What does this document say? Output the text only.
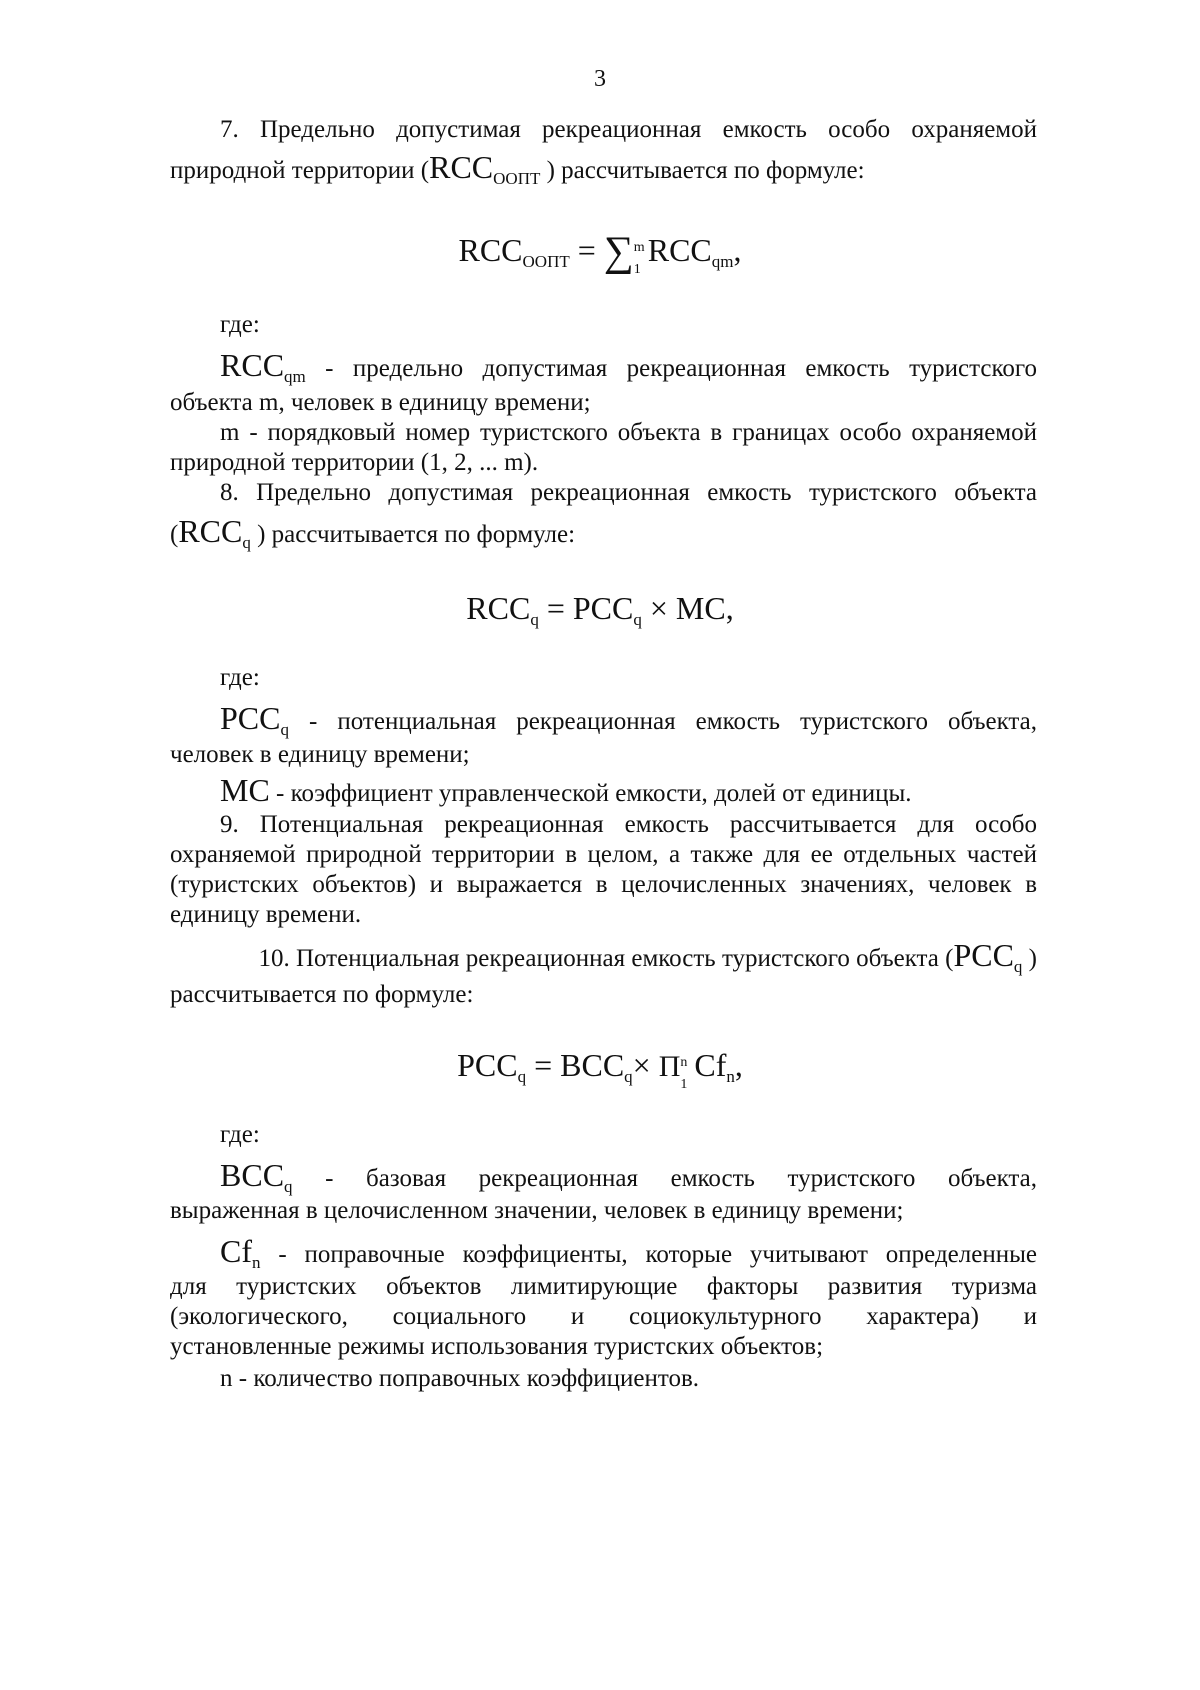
3
7. Предельно допустимая рекреационная емкость особо охраняемой
природной территории ($RCC_{ООПТ}$ ) рассчитывается по формуле:
$RCC_{ООПТ}$ = ∑ m
1
$RCC_{qm}$,
где:
$RCC_{qm}$ - предельно допустимая рекреационная емкость туристского
объекта m, человек в единицу времени;
m - порядковый номер туристского объекта в границах особо охраняемой
природной территории (1, 2, ... m).
8. Предельно допустимая рекреационная емкость туристского объекта
($RCC_q$ ) рассчитывается по формуле:
$RCC_q = PCC_q$ × MC,
где:
$PCC_q$ - потенциальная рекреационная емкость туристского объекта,
человек в единицу времени;
MC - коэффициент управленческой емкости, долей от единицы.
9. Потенциальная рекреационная емкость рассчитывается для особо
охраняемой природной территории в целом, а также для ее отдельных частей
(туристских объектов) и выражается в целочисленных значениях, человек в
единицу времени.
10. Потенциальная рекреационная емкость туристского объекта ($PCC_q$ )
рассчитывается по формуле:
$PCC_q = BCC_q\times П$ n
1
$Cf_n$,
где:
$BCC_q$ - базовая рекреационная емкость туристского объекта,
выраженная в целочисленном значении, человек в единицу времени;
$Cf_n$ - поправочные коэффициенты, которые учитывают определенные
для туристских объектов лимитирующие факторы развития туризма
(экологического, социального и социокультурного характера) и
установленные режимы использования туристских объектов;
n - количество поправочных коэффициентов.
